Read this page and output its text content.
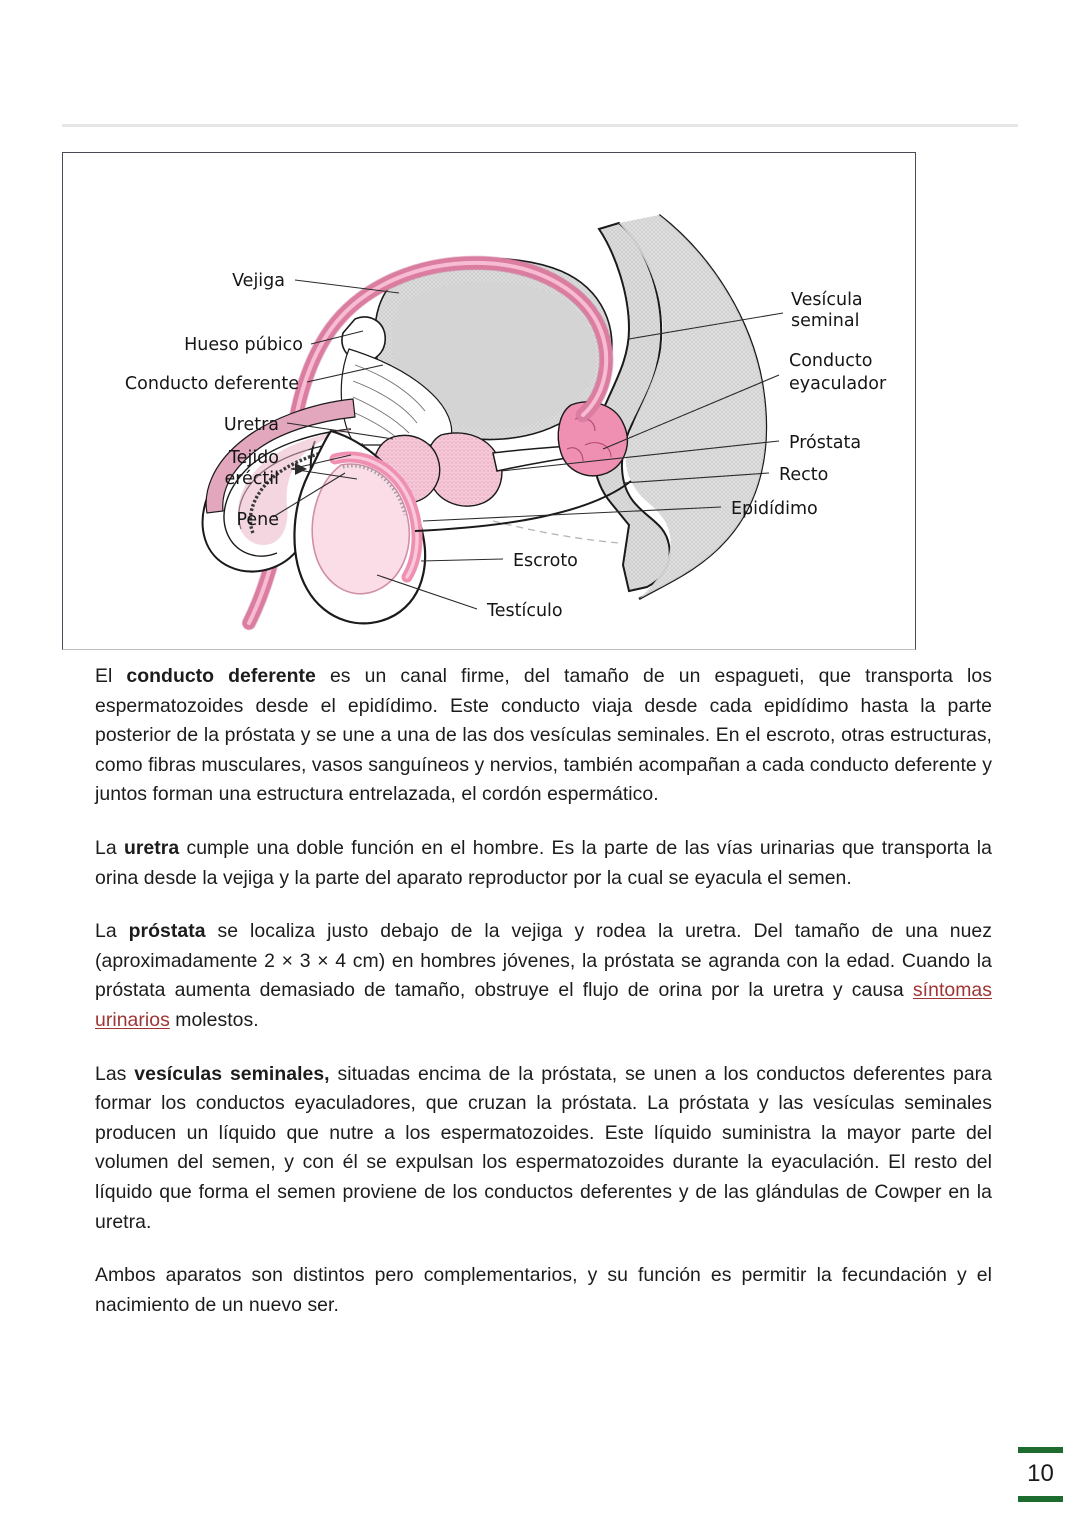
Vejiga
Hueso púbico
Conducto deferente
Uretra
Tejido
eréctil
Pene
Vesícula
seminal
Conducto
eyaculador
Próstata
Recto
Epidídimo
Escroto
Testículo

El conducto deferente es un canal firme, del tamaño de un espagueti, que transporta los espermatozoides desde el epidídimo. Este conducto viaja desde cada epidídimo hasta la parte posterior de la próstata y se une a una de las dos vesículas seminales. En el escroto, otras estructuras, como fibras musculares, vasos sanguíneos y nervios, también acompañan a cada conducto deferente y juntos forman una estructura entrelazada, el cordón espermático.

La uretra cumple una doble función en el hombre. Es la parte de las vías urinarias que transporta la orina desde la vejiga y la parte del aparato reproductor por la cual se eyacula el semen.

La próstata se localiza justo debajo de la vejiga y rodea la uretra. Del tamaño de una nuez (aproximadamente 2 × 3 × 4 cm) en hombres jóvenes, la próstata se agranda con la edad. Cuando la próstata aumenta demasiado de tamaño, obstruye el flujo de orina por la uretra y causa síntomas urinarios molestos.

Las vesículas seminales, situadas encima de la próstata, se unen a los conductos deferentes para formar los conductos eyaculadores, que cruzan la próstata. La próstata y las vesículas seminales producen un líquido que nutre a los espermatozoides. Este líquido suministra la mayor parte del volumen del semen, y con él se expulsan los espermatozoides durante la eyaculación. El resto del líquido que forma el semen proviene de los conductos deferentes y de las glándulas de Cowper en la uretra.

Ambos aparatos son distintos pero complementarios, y su función es permitir la fecundación y el nacimiento de un nuevo ser.

10
